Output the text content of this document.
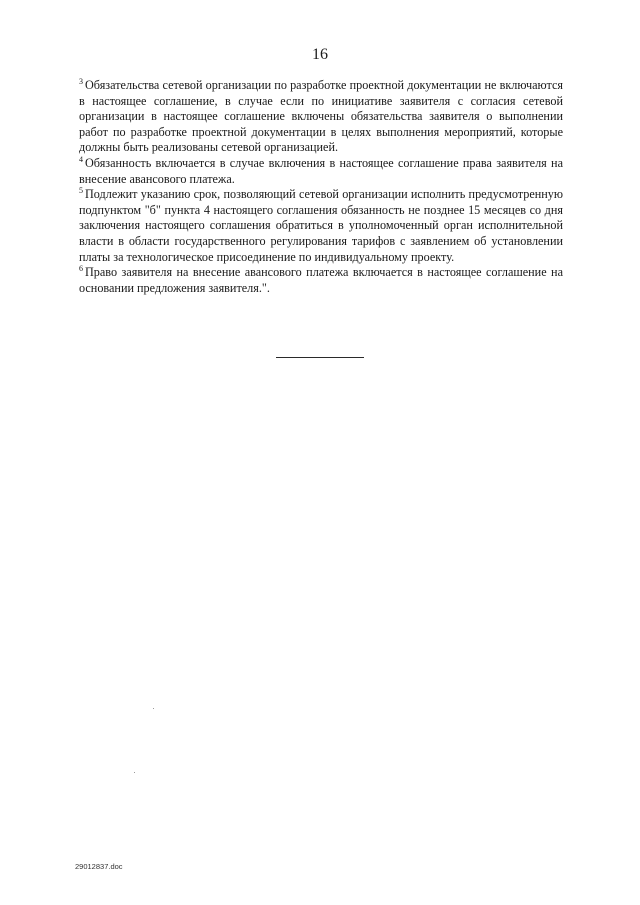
16

$^3$ Обязательства сетевой организации по разработке проектной документации не включаются в настоящее соглашение, в случае если по инициативе заявителя с согласия сетевой организации в настоящее соглашение включены обязательства заявителя о выполнении работ по разработке проектной документации в целях выполнения мероприятий, которые должны быть реализованы сетевой организацией.

$^4$ Обязанность включается в случае включения в настоящее соглашение права заявителя на внесение авансового платежа.

$^5$ Подлежит указанию срок, позволяющий сетевой организации исполнить предусмотренную подпунктом "б" пункта 4 настоящего соглашения обязанность не позднее 15 месяцев со дня заключения настоящего соглашения обратиться в уполномоченный орган исполнительной власти в области государственного регулирования тарифов с заявлением об установлении платы за технологическое присоединение по индивидуальному проекту.

$^6$ Право заявителя на внесение авансового платежа включается в настоящее соглашение на основании предложения заявителя.".

29012837.doc
